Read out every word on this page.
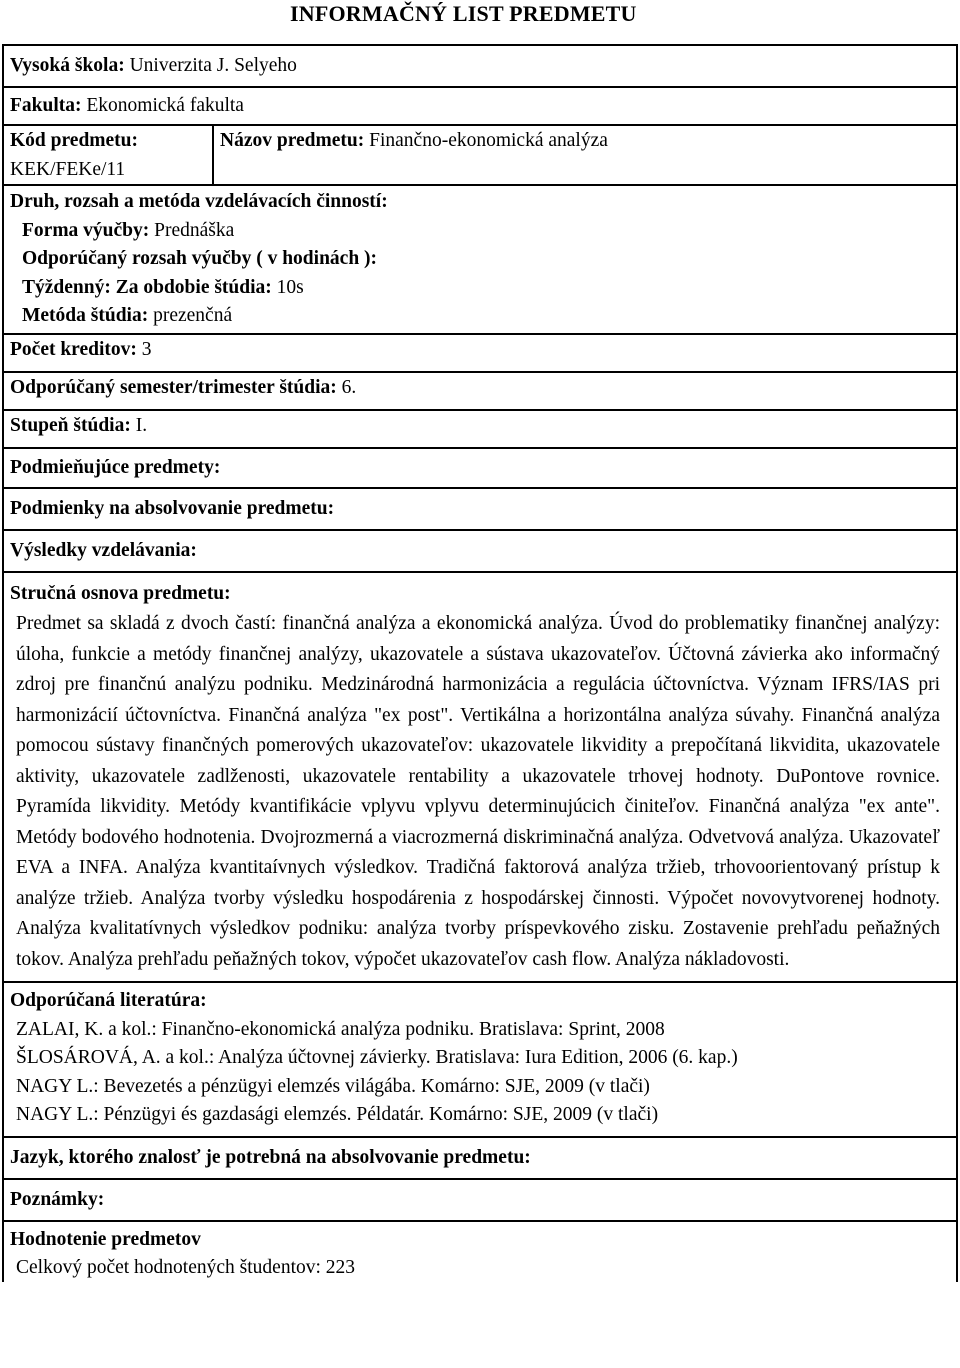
INFORMAČNÝ LIST PREDMETU
Vysoká škola: Univerzita J. Selyeho
Fakulta: Ekonomická fakulta

Kód predmetu:
KEK/FEKe/11
	Názov predmetu: Finančno-ekonomická analýza

Druh, rozsah a metóda vzdelávacích činností:
Forma výučby: Prednáška
Odporúčaný rozsah výučby ( v hodinách ):
Týždenný: Za obdobie štúdia: 10s
Metóda štúdia: prezenčná

Počet kreditov: 3
Odporúčaný semester/trimester štúdia: 6.
Stupeň štúdia: I.
Podmieňujúce predmety:
Podmienky na absolvovanie predmetu:
Výsledky vzdelávania:

Stručná osnova predmetu:
Predmet sa skladá z dvoch častí: finančná analýza a ekonomická analýza. Úvod do problematiky finančnej analýzy: úloha, funkcie a metódy finančnej analýzy, ukazovatele a sústava ukazovateľov. Účtovná závierka ako informačný zdroj pre finančnú analýzu podniku. Medzinárodná harmonizácia a regulácia účtovníctva. Význam IFRS/IAS pri harmonizácií účtovníctva. Finančná analýza "ex post". Vertikálna a horizontálna analýza súvahy. Finančná analýza pomocou sústavy finančných pomerových ukazovateľov: ukazovatele likvidity a prepočítaná likvidita, ukazovatele aktivity, ukazovatele zadlženosti, ukazovatele rentability a ukazovatele trhovej hodnoty. DuPontove rovnice. Pyramída likvidity. Metódy kvantifikácie vplyvu vplyvu determinujúcich činiteľov. Finančná analýza "ex ante". Metódy bodového hodnotenia. Dvojrozmerná a viacrozmerná diskriminačná analýza. Odvetvová analýza. Ukazovateľ EVA a INFA. Analýza kvantitaívnych výsledkov. Tradičná faktorová analýza tržieb, trhovoorientovaný prístup k analýze tržieb. Analýza tvorby výsledku hospodárenia z hospodárskej činnosti. Výpočet novovytvorenej hodnoty. Analýza kvalitatívnych výsledkov podniku: analýza tvorby príspevkového zisku. Zostavenie prehľadu peňažných tokov. Analýza prehľadu peňažných tokov, výpočet ukazovateľov cash flow. Analýza nákladovosti.

Odporúčaná literatúra:
ZALAI, K. a kol.: Finančno-ekonomická analýza podniku. Bratislava: Sprint, 2008
ŠLOSÁROVÁ, A. a kol.: Analýza účtovnej závierky. Bratislava: Iura Edition, 2006 (6. kap.)
NAGY L.: Bevezetés a pénzügyi elemzés világába. Komárno: SJE, 2009 (v tlači)
NAGY L.: Pénzügyi és gazdasági elemzés. Példatár. Komárno: SJE, 2009 (v tlači)

Jazyk, ktorého znalosť je potrebná na absolvovanie predmetu:
Poznámky:

Hodnotenie predmetov
Celkový počet hodnotených študentov: 223
